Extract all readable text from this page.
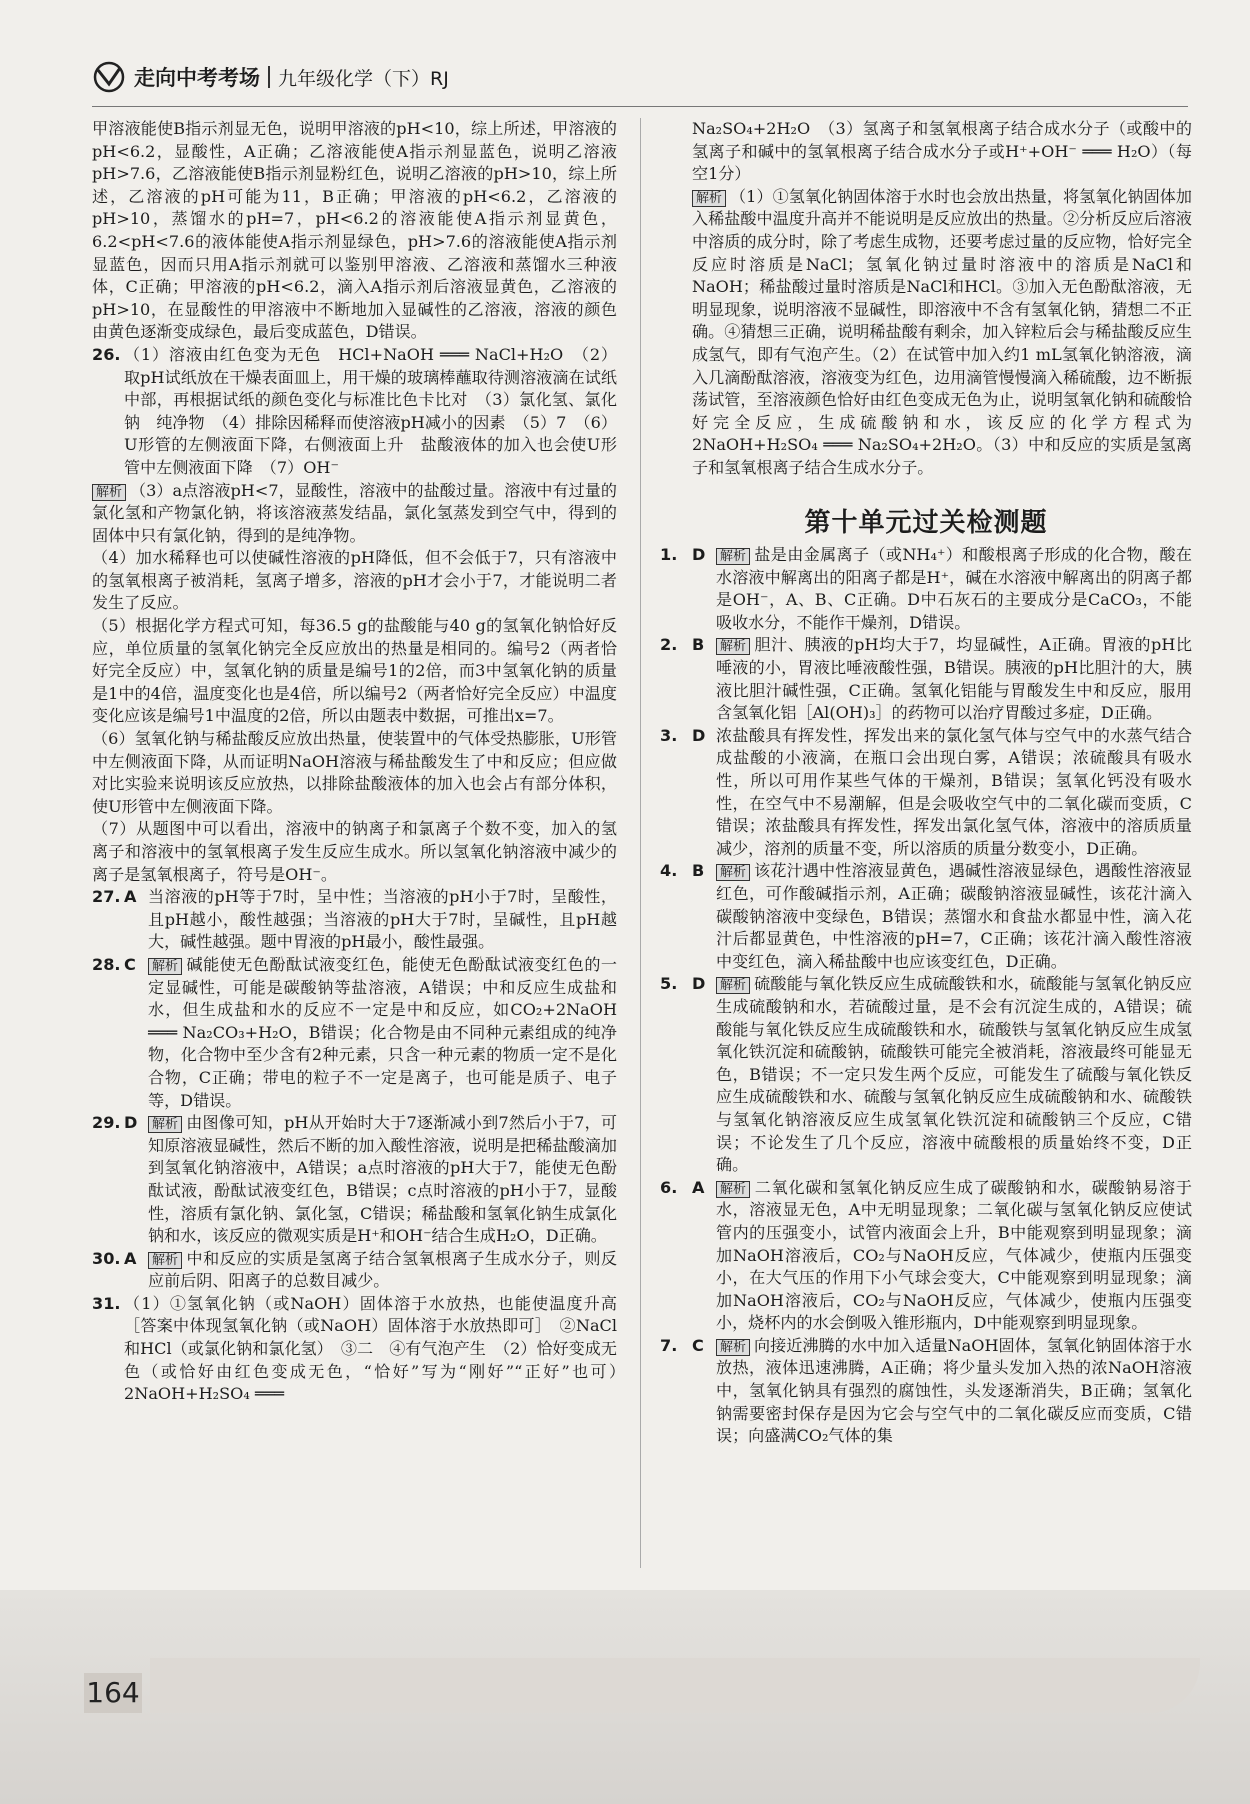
走向中考考场 九年级化学（下）RJ

甲溶液能使B指示剂显无色，说明甲溶液的pH<10，综上所述，甲溶液的pH<6.2，显酸性，A正确；乙溶液能使A指示剂显蓝色，说明乙溶液pH>7.6，乙溶液能使B指示剂显粉红色，说明乙溶液的pH>10，综上所述，乙溶液的pH可能为11，B正确；甲溶液的pH<6.2，乙溶液的pH>10，蒸馏水的pH=7，pH<6.2的溶液能使A指示剂显黄色，6.2<pH<7.6的液体能使A指示剂显绿色，pH>7.6的溶液能使A指示剂显蓝色，因而只用A指示剂就可以鉴别甲溶液、乙溶液和蒸馏水三种液体，C正确；甲溶液的pH<6.2，滴入A指示剂后溶液显黄色，乙溶液的pH>10，在显酸性的甲溶液中不断地加入显碱性的乙溶液，溶液的颜色由黄色逐渐变成绿色，最后变成蓝色，D错误。

26. （1）溶液由红色变为无色　HCl+NaOH ═══ NaCl+H₂O　（2）取pH试纸放在干燥表面皿上，用干燥的玻璃棒蘸取待测溶液滴在试纸中部，再根据试纸的颜色变化与标准比色卡比对　（3）氯化氢、氯化钠　纯净物　（4）排除因稀释而使溶液pH减小的因素　（5）7　（6）U形管的左侧液面下降，右侧液面上升　盐酸液体的加入也会使U形管中左侧液面下降　（7）OH⁻

解析 （3）a点溶液pH<7，显酸性，溶液中的盐酸过量。溶液中有过量的氯化氢和产物氯化钠，将该溶液蒸发结晶，氯化氢蒸发到空气中，得到的固体中只有氯化钠，得到的是纯净物。

（4）加水稀释也可以使碱性溶液的pH降低，但不会低于7，只有溶液中的氢氧根离子被消耗，氢离子增多，溶液的pH才会小于7，才能说明二者发生了反应。

（5）根据化学方程式可知，每36.5 g的盐酸能与40 g的氢氧化钠恰好反应，单位质量的氢氧化钠完全反应放出的热量是相同的。编号2（两者恰好完全反应）中，氢氧化钠的质量是编号1的2倍，而3中氢氧化钠的质量是1中的4倍，温度变化也是4倍，所以编号2（两者恰好完全反应）中温度变化应该是编号1中温度的2倍，所以由题表中数据，可推出x=7。

（6）氢氧化钠与稀盐酸反应放出热量，使装置中的气体受热膨胀，U形管中左侧液面下降，从而证明NaOH溶液与稀盐酸发生了中和反应；但应做对比实验来说明该反应放热，以排除盐酸液体的加入也会占有部分体积，使U形管中左侧液面下降。

（7）从题图中可以看出，溶液中的钠离子和氯离子个数不变，加入的氢离子和溶液中的氢氧根离子发生反应生成水。所以氢氧化钠溶液中减少的离子是氢氧根离子，符号是OH⁻。

27. A 当溶液的pH等于7时，呈中性；当溶液的pH小于7时，呈酸性，且pH越小，酸性越强；当溶液的pH大于7时，呈碱性，且pH越大，碱性越强。题中胃液的pH最小，酸性最强。
28. C	解析 碱能使无色酚酞试液变红色，能使无色酚酞试液变红色的一定显碱性，可能是碳酸钠等盐溶液，A错误；中和反应生成盐和水，但生成盐和水的反应不一定是中和反应，如CO₂+2NaOH ═══ Na₂CO₃+H₂O，B错误；化合物是由不同种元素组成的纯净物，化合物中至少含有2种元素，只含一种元素的物质一定不是化合物，C正确；带电的粒子不一定是离子，也可能是质子、电子等，D错误。
29. D	解析 由图像可知，pH从开始时大于7逐渐减小到7然后小于7，可知原溶液显碱性，然后不断的加入酸性溶液，说明是把稀盐酸滴加到氢氧化钠溶液中，A错误；a点时溶液的pH大于7，能使无色酚酞试液，酚酞试液变红色，B错误；c点时溶液的pH小于7，显酸性，溶质有氯化钠、氯化氢，C错误；稀盐酸和氢氧化钠生成氯化钠和水，该反应的微观实质是H⁺和OH⁻结合生成H₂O，D正确。
30. A	解析 中和反应的实质是氢离子结合氢氧根离子生成水分子，则反应前后阴、阳离子的总数目减少。
31. （1）①氢氧化钠（或NaOH）固体溶于水放热，也能使温度升高［答案中体现氢氧化钠（或NaOH）固体溶于水放热即可］　②NaCl和HCl（或氯化钠和氯化氢）　③二　④有气泡产生　（2）恰好变成无色（或恰好由红色变成无色，“恰好”写为“刚好”“正好”也可）　2NaOH+H₂SO₄ ═══

Na₂SO₄+2H₂O　（3）氢离子和氢氧根离子结合成水分子（或酸中的氢离子和碱中的氢氧根离子结合成水分子或H⁺+OH⁻ ═══ H₂O）（每空1分）

解析 （1）①氢氧化钠固体溶于水时也会放出热量，将氢氧化钠固体加入稀盐酸中温度升高并不能说明是反应放出的热量。②分析反应后溶液中溶质的成分时，除了考虑生成物，还要考虑过量的反应物，恰好完全反应时溶质是NaCl；氢氧化钠过量时溶液中的溶质是NaCl和NaOH；稀盐酸过量时溶质是NaCl和HCl。③加入无色酚酞溶液，无明显现象，说明溶液不显碱性，即溶液中不含有氢氧化钠，猜想二不正确。④猜想三正确，说明稀盐酸有剩余，加入锌粒后会与稀盐酸反应生成氢气，即有气泡产生。（2）在试管中加入约1 mL氢氧化钠溶液，滴入几滴酚酞溶液，溶液变为红色，边用滴管慢慢滴入稀硫酸，边不断振荡试管，至溶液颜色恰好由红色变成无色为止，说明氢氧化钠和硫酸恰好完全反应，生成硫酸钠和水，该反应的化学方程式为2NaOH+H₂SO₄ ═══ Na₂SO₄+2H₂O。（3）中和反应的实质是氢离子和氢氧根离子结合生成水分子。

第十单元过关检测题
1. D	解析 盐是由金属离子（或NH₄⁺）和酸根离子形成的化合物，酸在水溶液中解离出的阳离子都是H⁺，碱在水溶液中解离出的阴离子都是OH⁻，A、B、C正确。D中石灰石的主要成分是CaCO₃，不能吸收水分，不能作干燥剂，D错误。
2. B	解析 胆汁、胰液的pH均大于7，均显碱性，A正确。胃液的pH比唾液的小，胃液比唾液酸性强，B错误。胰液的pH比胆汁的大，胰液比胆汁碱性强，C正确。氢氧化铝能与胃酸发生中和反应，服用含氢氧化铝［Al(OH)₃］的药物可以治疗胃酸过多症，D正确。
3. D 浓盐酸具有挥发性，挥发出来的氯化氢气体与空气中的水蒸气结合成盐酸的小液滴，在瓶口会出现白雾，A错误；浓硫酸具有吸水性，所以可用作某些气体的干燥剂，B错误；氢氧化钙没有吸水性，在空气中不易潮解，但是会吸收空气中的二氧化碳而变质，C错误；浓盐酸具有挥发性，挥发出氯化氢气体，溶液中的溶质质量减少，溶剂的质量不变，所以溶质的质量分数变小，D正确。
4. B	解析 该花汁遇中性溶液显黄色，遇碱性溶液显绿色，遇酸性溶液显红色，可作酸碱指示剂，A正确；碳酸钠溶液显碱性，该花汁滴入碳酸钠溶液中变绿色，B错误；蒸馏水和食盐水都显中性，滴入花汁后都显黄色，中性溶液的pH=7，C正确；该花汁滴入酸性溶液中变红色，滴入稀盐酸中也应该变红色，D正确。
5. D	解析 硫酸能与氧化铁反应生成硫酸铁和水，硫酸能与氢氧化钠反应生成硫酸钠和水，若硫酸过量，是不会有沉淀生成的，A错误；硫酸能与氧化铁反应生成硫酸铁和水，硫酸铁与氢氧化钠反应生成氢氧化铁沉淀和硫酸钠，硫酸铁可能完全被消耗，溶液最终可能显无色，B错误；不一定只发生两个反应，可能发生了硫酸与氧化铁反应生成硫酸铁和水、硫酸与氢氧化钠反应生成硫酸钠和水、硫酸铁与氢氧化钠溶液反应生成氢氧化铁沉淀和硫酸钠三个反应，C错误；不论发生了几个反应，溶液中硫酸根的质量始终不变，D正确。
6. A	解析 二氧化碳和氢氧化钠反应生成了碳酸钠和水，碳酸钠易溶于水，溶液显无色，A中无明显现象；二氧化碳与氢氧化钠反应使试管内的压强变小，试管内液面会上升，B中能观察到明显现象；滴加NaOH溶液后，CO₂与NaOH反应，气体减少，使瓶内压强变小，在大气压的作用下小气球会变大，C中能观察到明显现象；滴加NaOH溶液后，CO₂与NaOH反应，气体减少，使瓶内压强变小，烧杯内的水会倒吸入锥形瓶内，D中能观察到明显现象。
7. C	解析 向接近沸腾的水中加入适量NaOH固体，氢氧化钠固体溶于水放热，液体迅速沸腾，A正确；将少量头发加入热的浓NaOH溶液中，氢氧化钠具有强烈的腐蚀性，头发逐渐消失，B正确；氢氧化钠需要密封保存是因为它会与空气中的二氧化碳反应而变质，C错误；向盛满CO₂气体的集
164
